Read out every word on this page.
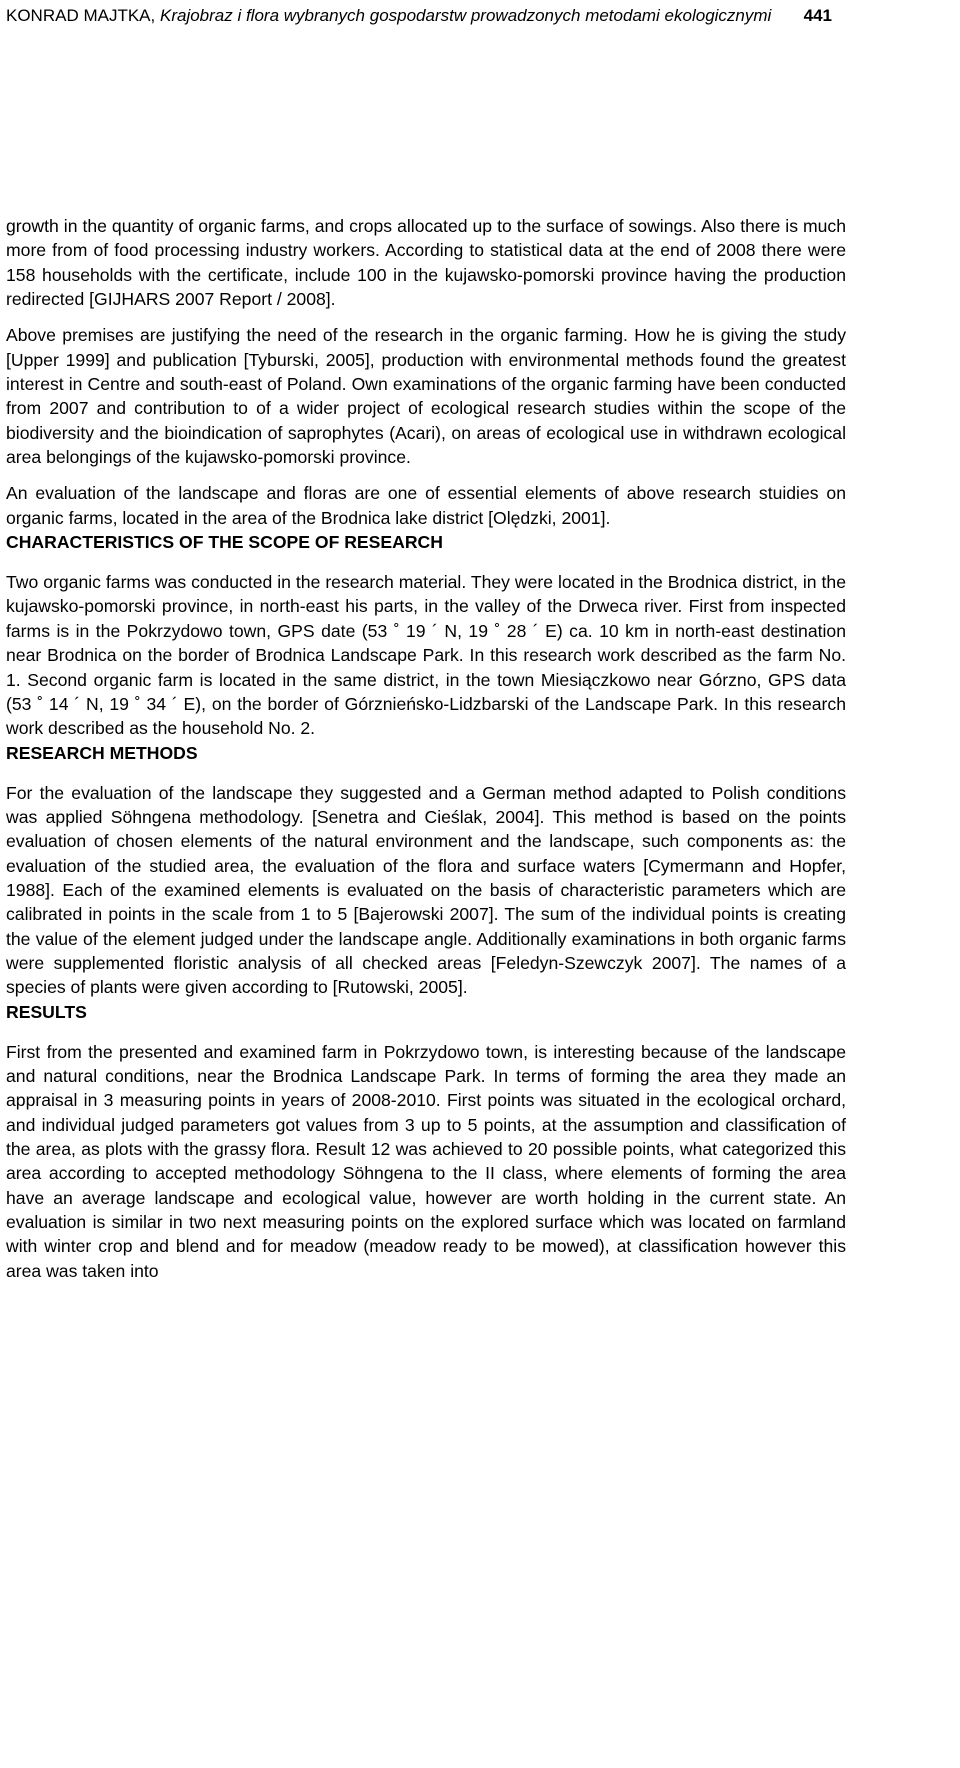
KONRAD MAJTKA, Krajobraz i flora wybranych gospodarstw prowadzonych metodami ekologicznymi 441

growth in the quantity of organic farms, and crops allocated up to the surface of sowings. Also there is much more from of food processing industry workers. According to statistical data at the end of 2008 there were 158 households with the certificate, include 100 in the kujawsko-pomorski province having the production redirected [GIJHARS 2007 Report / 2008].

Above premises are justifying the need of the research in the organic farming. How he is giving the study [Upper 1999] and publication [Tyburski, 2005], production with environmental methods found the greatest interest in Centre and south-east of Poland. Own examinations of the organic farming have been conducted from 2007 and contribution to of a wider project of ecological research studies within the scope of the biodiversity and the bioindication of saprophytes (Acari), on areas of ecological use in withdrawn ecological area belongings of the kujawsko-pomorski province.

An evaluation of the landscape and floras are one of essential elements of above research stuidies on organic farms, located in the area of the Brodnica lake district [Olędzki, 2001].

CHARACTERISTICS OF THE SCOPE OF RESEARCH

Two organic farms was conducted in the research material. They were located in the Brodnica district, in the kujawsko-pomorski province, in north-east his parts, in the valley of the Drweca river. First from inspected farms is in the Pokrzydowo town, GPS date (53 ˚ 19 ´ N, 19 ˚ 28 ´ E) ca. 10 km in north-east destination near Brodnica on the border of Brodnica Landscape Park. In this research work described as the farm No. 1. Second organic farm is located in the same district, in the town Miesiączkowo near Górzno, GPS data (53 ˚ 14 ´ N, 19 ˚ 34 ´ E), on the border of Górznieńsko-Lidzbarski of the Landscape Park. In this research work described as the household No. 2.

RESEARCH METHODS

For the evaluation of the landscape they suggested and a German method adapted to Polish conditions was applied Söhngena methodology. [Senetra and Cieślak, 2004]. This method is based on the points evaluation of chosen elements of the natural environment and the landscape, such components as: the evaluation of the studied area, the evaluation of the flora and surface waters [Cymermann and Hopfer, 1988]. Each of the examined elements is evaluated on the basis of characteristic parameters which are calibrated in points in the scale from 1 to 5 [Bajerowski 2007]. The sum of the individual points is creating the value of the element judged under the landscape angle. Additionally examinations in both organic farms were supplemented floristic analysis of all checked areas [Feledyn-Szewczyk 2007]. The names of a species of plants were given according to [Rutowski, 2005].

RESULTS

First from the presented and examined farm in Pokrzydowo town, is interesting because of the landscape and natural conditions, near the Brodnica Landscape Park. In terms of forming the area they made an appraisal in 3 measuring points in years of 2008-2010. First points was situated in the ecological orchard, and individual judged parameters got values from 3 up to 5 points, at the assumption and classification of the area, as plots with the grassy flora. Result 12 was achieved to 20 possible points, what categorized this area according to accepted methodology Söhngena to the II class, where elements of forming the area have an average landscape and ecological value, however are worth holding in the current state. An evaluation is similar in two next measuring points on the explored surface which was located on farmland with winter crop and blend and for meadow (meadow ready to be mowed), at classification however this area was taken into
